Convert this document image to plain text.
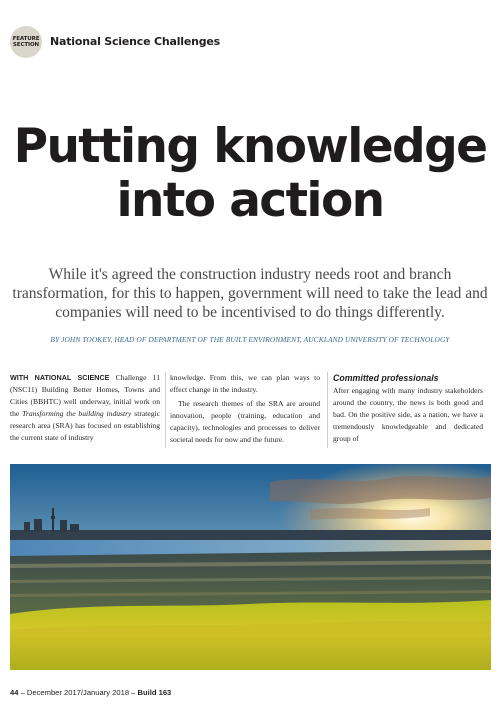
FEATURE
SECTION National Science Challenges
Putting knowledge
into action
While it's agreed the construction industry needs root and branch transformation, for this to happen, government will need to take the lead and companies will need to be incentivised to do things differently.
BY JOHN TOOKEY, HEAD OF DEPARTMENT OF THE BUILT ENVIRONMENT, AUCKLAND UNIVERSITY OF TECHNOLOGY

WITH NATIONAL SCIENCE Challenge 11 (NSC11) Building Better Homes, Towns and Cities (BBHTC) well underway, initial work on the Transforming the building industry strategic research area (SRA) has focused on establishing the current state of industry

knowledge. From this, we can plan ways to effect change in the industry.

The research themes of the SRA are around innovation, people (training, education and capacity), technologies and processes to deliver societal needs for now and the future.

Committed professionals

After engaging with many industry stakeholders around the country, the news is both good and bad. On the positive side, as a nation, we have a tremendously knowledgeable and dedicated group of

44 – December 2017/January 2018 – Build 163
